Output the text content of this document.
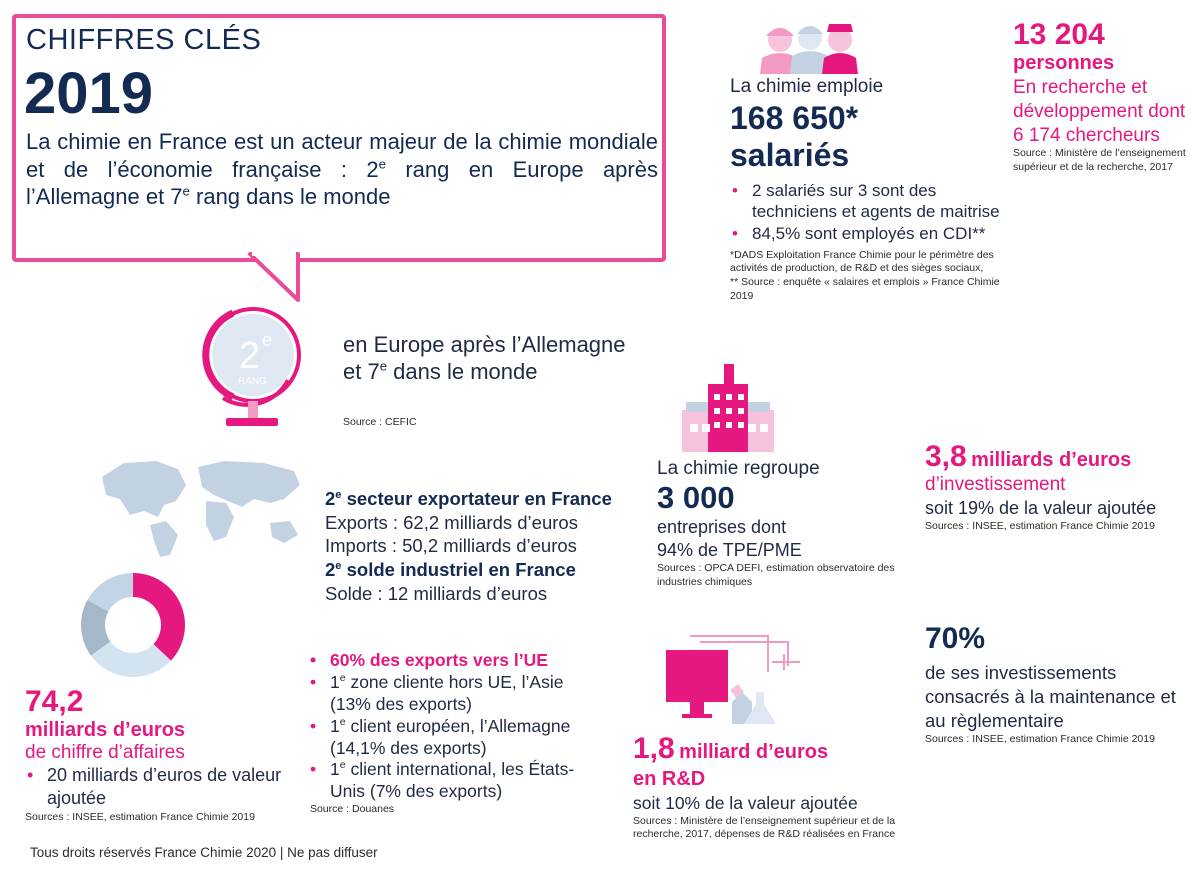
CHIFFRES CLÉS
2019
La chimie en France est un acteur majeur de la chimie mondiale et de l’économie française : 2e rang en Europe après l’Allemagne et 7e rang dans le monde
2 e
RANG
en Europe après l’Allemagne et 7e dans le monde
Source : CEFIC
2e secteur exportateur en France
Exports : 62,2 milliards d’euros
Imports : 50,2 milliards d’euros
2e solde industriel en France
Solde : 12 milliards d’euros
• 60% des exports vers l’UE
• 1e zone cliente hors UE, l’Asie (13% des exports)
• 1e client européen, l’Allemagne (14,1% des exports)
• 1e client international, les États-Unis (7% des exports)
Source : Douanes
74,2
milliards d’euros
de chiffre d’affaires
• 20 milliards d’euros de valeur ajoutée
Sources : INSEE, estimation France Chimie 2019
La chimie emploie
168 650*
salariés
• 2 salariés sur 3 sont des techniciens et agents de maitrise
• 84,5% sont employés en CDI**
*DADS Exploitation France Chimie pour le périmètre des activités de production, de R&D et des sièges sociaux,
** Source : enquête « salaires et emplois » France Chimie 2019
13 204
personnes
En recherche et développement dont
6 174 chercheurs
Source : Ministère de l’enseignement supérieur et de la recherche, 2017
La chimie regroupe
3 000
entreprises dont
94% de TPE/PME
Sources : OPCA DEFI, estimation observatoire des industries chimiques
3,8 milliards d’euros
d’investissement
soit 19% de la valeur ajoutée
Sources : INSEE, estimation France Chimie 2019
70%
de ses investissements consacrés à la maintenance et au règlementaire
Sources : INSEE, estimation France Chimie 2019
1,8 milliard d’euros
en R&D
soit 10% de la valeur ajoutée
Sources : Ministère de l’enseignement supérieur et de la recherche, 2017, dépenses de R&D réalisées en France
Tous droits réservés France Chimie 2020 | Ne pas diffuser
